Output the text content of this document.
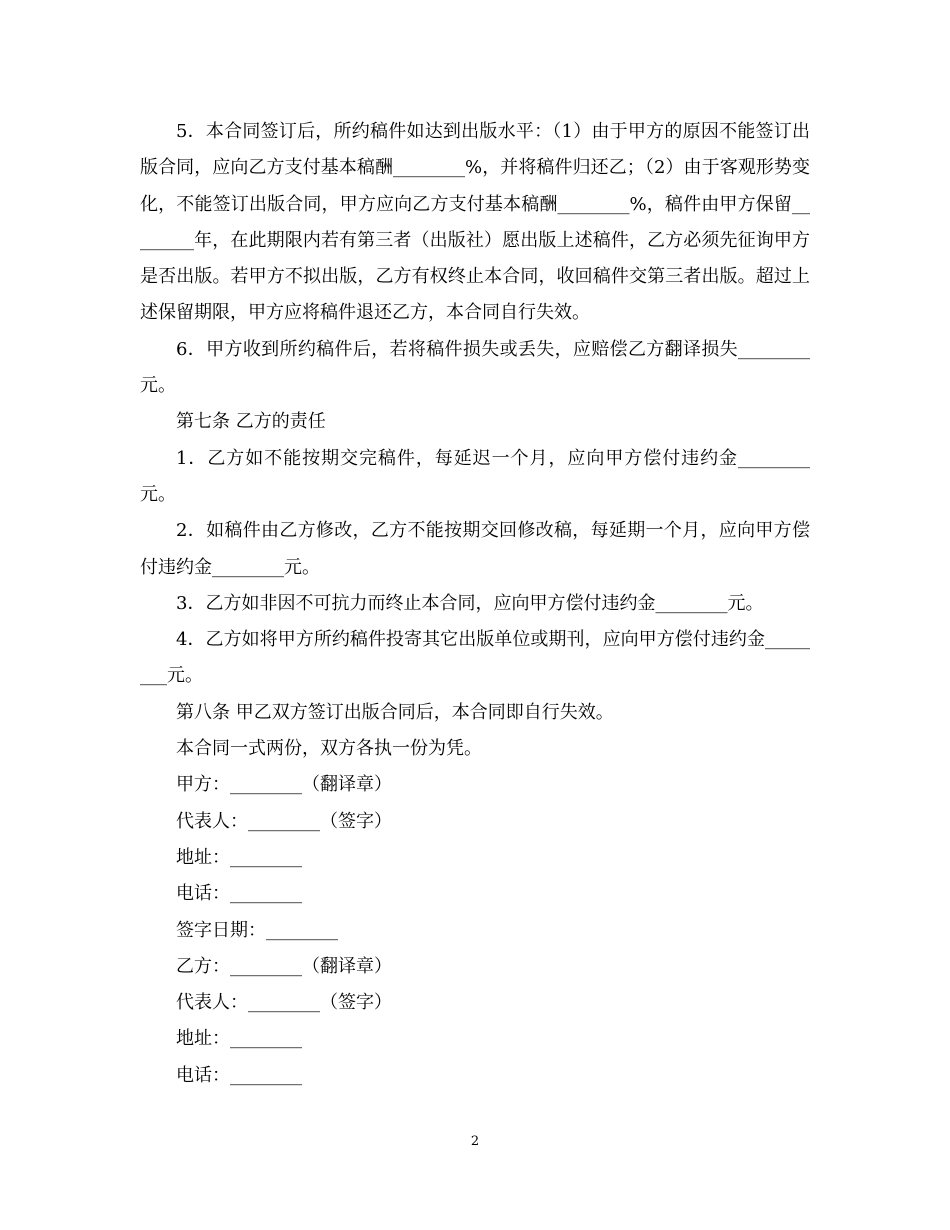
5．本合同签订后，所约稿件如达到出版水平：（1）由于甲方的原因不能签订出版合同，应向乙方支付基本稿酬________%，并将稿件归还乙；（2）由于客观形势变化，不能签订出版合同，甲方应向乙方支付基本稿酬________%，稿件由甲方保留________年，在此期限内若有第三者（出版社）愿出版上述稿件，乙方必须先征询甲方是否出版。若甲方不拟出版，乙方有权终止本合同，收回稿件交第三者出版。超过上述保留期限，甲方应将稿件退还乙方，本合同自行失效。

6．甲方收到所约稿件后，若将稿件损失或丢失，应赔偿乙方翻译损失________元。

第七条 乙方的责任

1．乙方如不能按期交完稿件，每延迟一个月，应向甲方偿付违约金________元。

2．如稿件由乙方修改，乙方不能按期交回修改稿，每延期一个月，应向甲方偿付违约金________元。

3．乙方如非因不可抗力而终止本合同，应向甲方偿付违约金________元。

4．乙方如将甲方所约稿件投寄其它出版单位或期刊，应向甲方偿付违约金________元。

第八条 甲乙双方签订出版合同后，本合同即自行失效。

本合同一式两份，双方各执一份为凭。

甲方：________（翻译章）

代表人：________（签字）

地址：________

电话：________

签字日期：________

乙方：________（翻译章）

代表人：________（签字）

地址：________

电话：________

2
